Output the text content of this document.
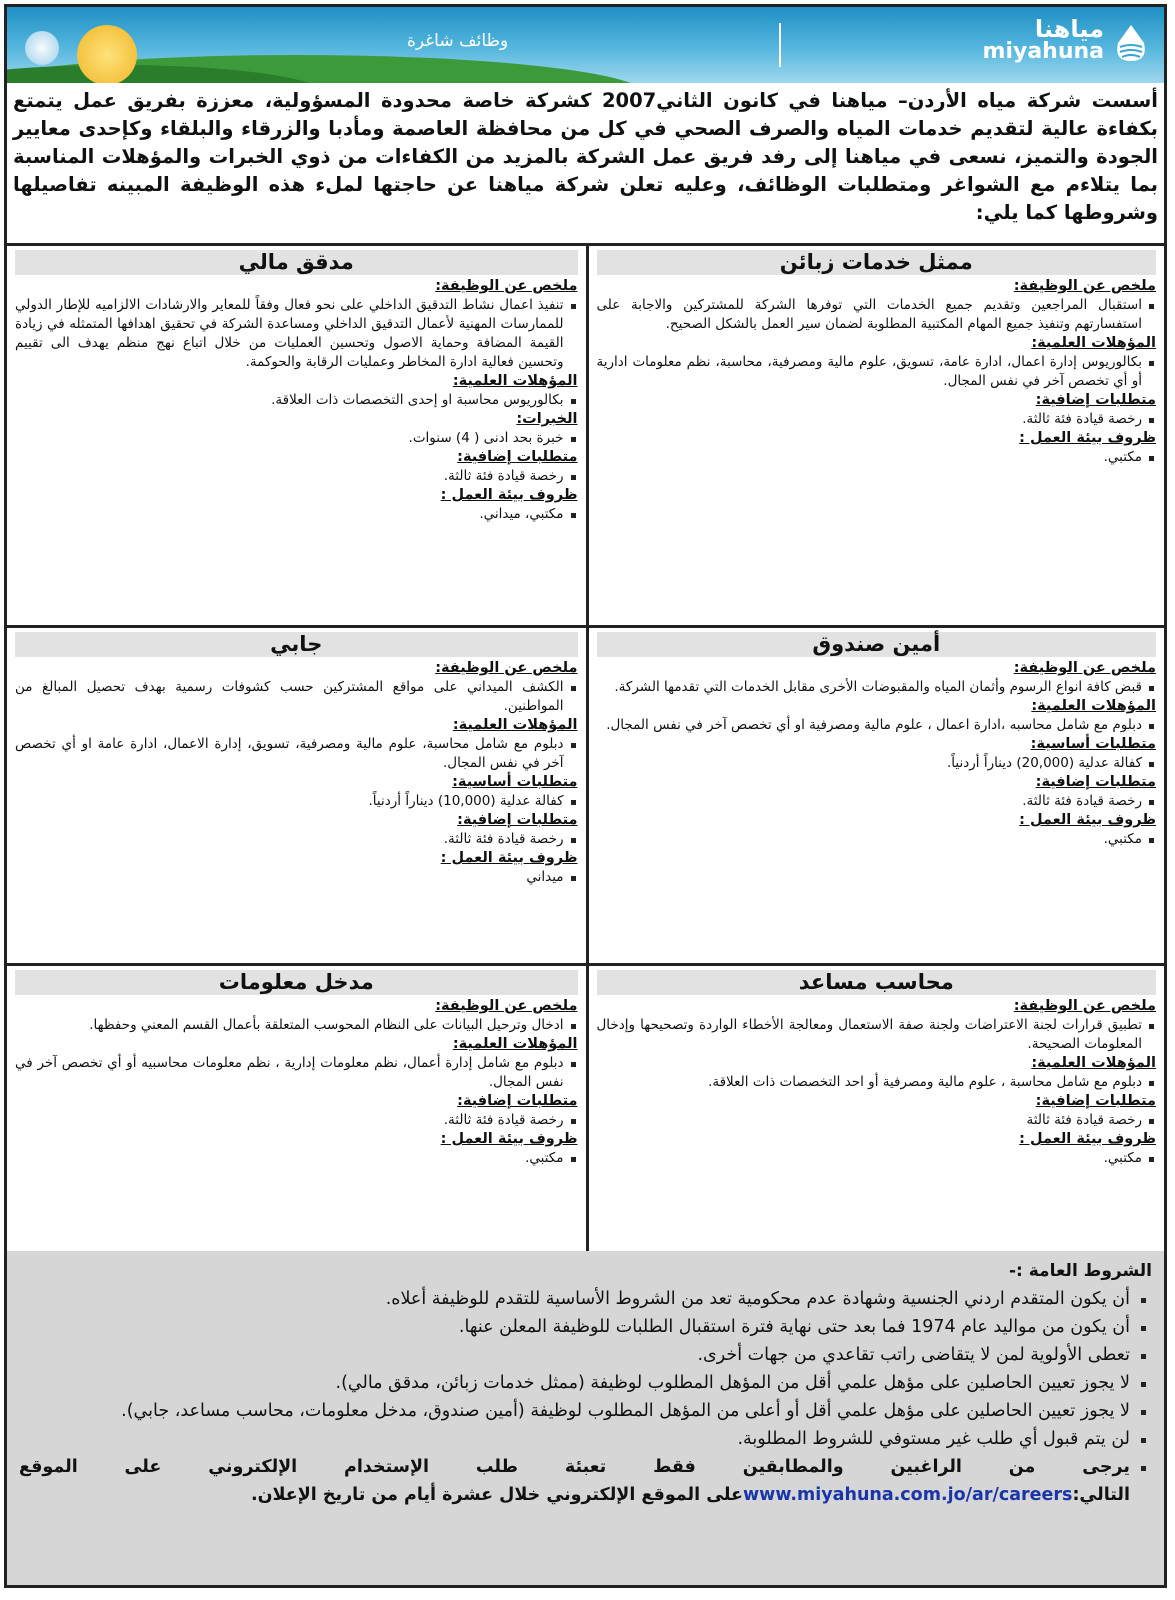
وظائف شاغرة	مياهنا
miyahuna
أسست شركة مياه الأردن– مياهنا في كانون الثاني2007 كشركة خاصة محدودة المسؤولية، معززة بفريق عمل يتمتع بكفاءة عالية لتقديم خدمات المياه والصرف الصحي في كل من محافظة العاصمة ومأدبا والزرقاء والبلقاء وكإحدى معايير الجودة والتميز، نسعى في مياهنا إلى رفد فريق عمل الشركة بالمزيد من الكفاءات من ذوي الخبرات والمؤهلات المناسبة بما يتلاءم مع الشواغر ومتطلبات الوظائف، وعليه تعلن شركة مياهنا عن حاجتها لملء هذه الوظيفة المبينه تفاصيلها وشروطها كما يلي:
ممثل خدمات زبائن
ملخص عن الوظيفة:
استقبال المراجعين وتقديم جميع الخدمات التي توفرها الشركة للمشتركين والاجابة على استفسارتهم وتنفيذ جميع المهام المكتبية المطلوبة لضمان سير العمل بالشكل الصحيح.
المؤهلات العلمية:
بكالوريوس إدارة اعمال، ادارة عامة، تسويق، علوم مالية ومصرفية، محاسبة، نظم معلومات ادارية أو أي تخصص آخر في نفس المجال.
متطلبات إضافية:
رخصة قيادة فئة ثالثة.
ظروف بيئة العمل :
مكتبي.
مدقق مالي
ملخص عن الوظيفة:
تنفيذ اعمال نشاط التدقيق الداخلي على نحو فعال وفقاً للمعاير والارشادات الالزاميه للإطار الدولي للممارسات المهنية لأعمال التدقيق الداخلي ومساعدة الشركة في تحقيق اهدافها المتمثله في زيادة القيمة المضافة وحماية الاصول وتحسين العمليات من خلال اتباع نهج منظم يهدف الى تقييم وتحسين فعالية ادارة المخاطر وعمليات الرقابة والحوكمة.
المؤهلات العلمية:
بكالوريوس محاسبة او إحدى التخصصات ذات العلاقة.
الخبرات:
خبرة بحد ادنى ( 4) سنوات.
متطلبات إضافية:
رخصة قيادة فئة ثالثة.
ظروف بيئة العمل :
مكتبي، ميداني.
أمين صندوق
ملخص عن الوظيفة:
قبض كافة انواع الرسوم وأثمان المياه والمقبوضات الأخرى مقابل الخدمات التي تقدمها الشركة.
المؤهلات العلمية:
دبلوم مع شامل محاسبه ،ادارة اعمال ، علوم مالية ومصرفية او أي تخصص آخر في نفس المجال.
متطلبات أساسية:
كفالة عدلية (20,000) ديناراً أردنياً.
متطلبات إضافية:
رخصة قيادة فئة ثالثة.
ظروف بيئة العمل :
مكتبي.
جابي
ملخص عن الوظيفة:
الكشف الميداني على مواقع المشتركين حسب كشوفات رسمية بهدف تحصيل المبالغ من المواطنين.
المؤهلات العلمية:
دبلوم مع شامل محاسبة، علوم مالية ومصرفية، تسويق، إدارة الاعمال، ادارة عامة او أي تخصص آخر في نفس المجال.
متطلبات أساسية:
كفالة عدلية (10,000) ديناراً أردنياً.
متطلبات إضافية:
رخصة قيادة فئة ثالثة.
ظروف بيئة العمل :
ميداني
محاسب مساعد
ملخص عن الوظيفة:
تطبيق قرارات لجنة الاعتراضات ولجنة صفة الاستعمال ومعالجة الأخطاء الواردة وتصحيحها وإدخال المعلومات الصحيحة.
المؤهلات العلمية:
دبلوم مع شامل محاسبة ، علوم مالية ومصرفية أو احد التخصصات ذات العلاقة.
متطلبات إضافية:
رخصة قيادة فئة ثالثة
ظروف بيئة العمل :
مكتبي.
مدخل معلومات
ملخص عن الوظيفة:
ادخال وترحيل البيانات على النظام المحوسب المتعلقة بأعمال القسم المعني وحفظها.
المؤهلات العلمية:
دبلوم مع شامل إدارة أعمال، نظم معلومات إدارية ، نظم معلومات محاسبيه أو أي تخصص آخر في نفس المجال.
متطلبات إضافية:
رخصة قيادة فئة ثالثة.
ظروف بيئة العمل :
مكتبي.
الشروط العامة :-
أن يكون المتقدم اردني الجنسية وشهادة عدم محكومية تعد من الشروط الأساسية للتقدم للوظيفة أعلاه.
أن يكون من مواليد عام 1974 فما بعد حتى نهاية فترة استقبال الطلبات للوظيفة المعلن عنها.
تعطى الأولوية لمن لا يتقاضى راتب تقاعدي من جهات أخرى.
لا يجوز تعيين الحاصلين على مؤهل علمي أقل من المؤهل المطلوب لوظيفة (ممثل خدمات زبائن، مدقق مالي).
لا يجوز تعيين الحاصلين على مؤهل علمي أقل أو أعلى من المؤهل المطلوب لوظيفة (أمين صندوق، مدخل معلومات، محاسب مساعد، جابي).
لن يتم قبول أي طلب غير مستوفي للشروط المطلوبة.
يرجى من الراغبين والمطابقين فقط تعبئة طلب الإستخدام الإلكتروني على الموقع التالي:www.miyahuna.com.jo/ar/careersعلى الموقع الإلكتروني خلال عشرة أيام من تاريخ الإعلان.
